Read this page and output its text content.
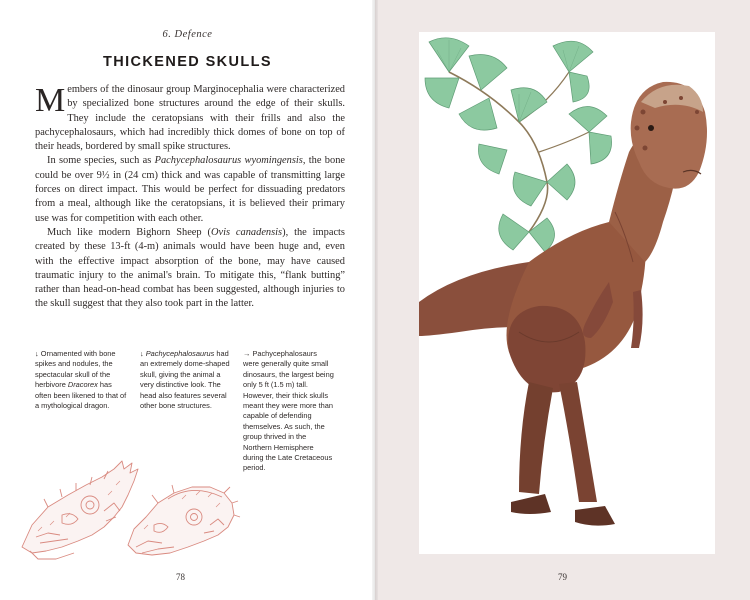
6. Defence
THICKENED SKULLS

Members of the dinosaur group Marginocephalia were characterized by specialized bone structures around the edge of their skulls. They include the ceratopsians with their frills and also the pachycephalosaurs, which had incredibly thick domes of bone on top of their heads, bordered by small spike structures.

In some species, such as Pachycephalosaurus wyomingensis, the bone could be over 9½ in (24 cm) thick and was capable of transmitting large forces on direct impact. This would be perfect for dissuading predators from a meal, although like the ceratopsians, it is believed their primary use was for competition with each other.

Much like modern Bighorn Sheep (Ovis canadensis), the impacts created by these 13-ft (4-m) animals would have been huge and, even with the effective impact absorption of the bone, may have caused traumatic injury to the animal's brain. To mitigate this, “flank butting” rather than head-on-head combat has been suggested, although injuries to the skull suggest that they also took part in the latter.

↓ Ornamented with bone spikes and nodules, the spectacular skull of the herbivore Dracorex has often been likened to that of a mythological dragon.
↓ Pachycephalosaurus had an extremely dome-shaped skull, giving the animal a very distinctive look. The head also features several other bone structures.
→ Pachycephalosaurs were generally quite small dinosaurs, the largest being only 5 ft (1.5 m) tall. However, their thick skulls meant they were more than capable of defending themselves. As such, the group thrived in the Northern Hemisphere during the Late Cretaceous period.
78	79
